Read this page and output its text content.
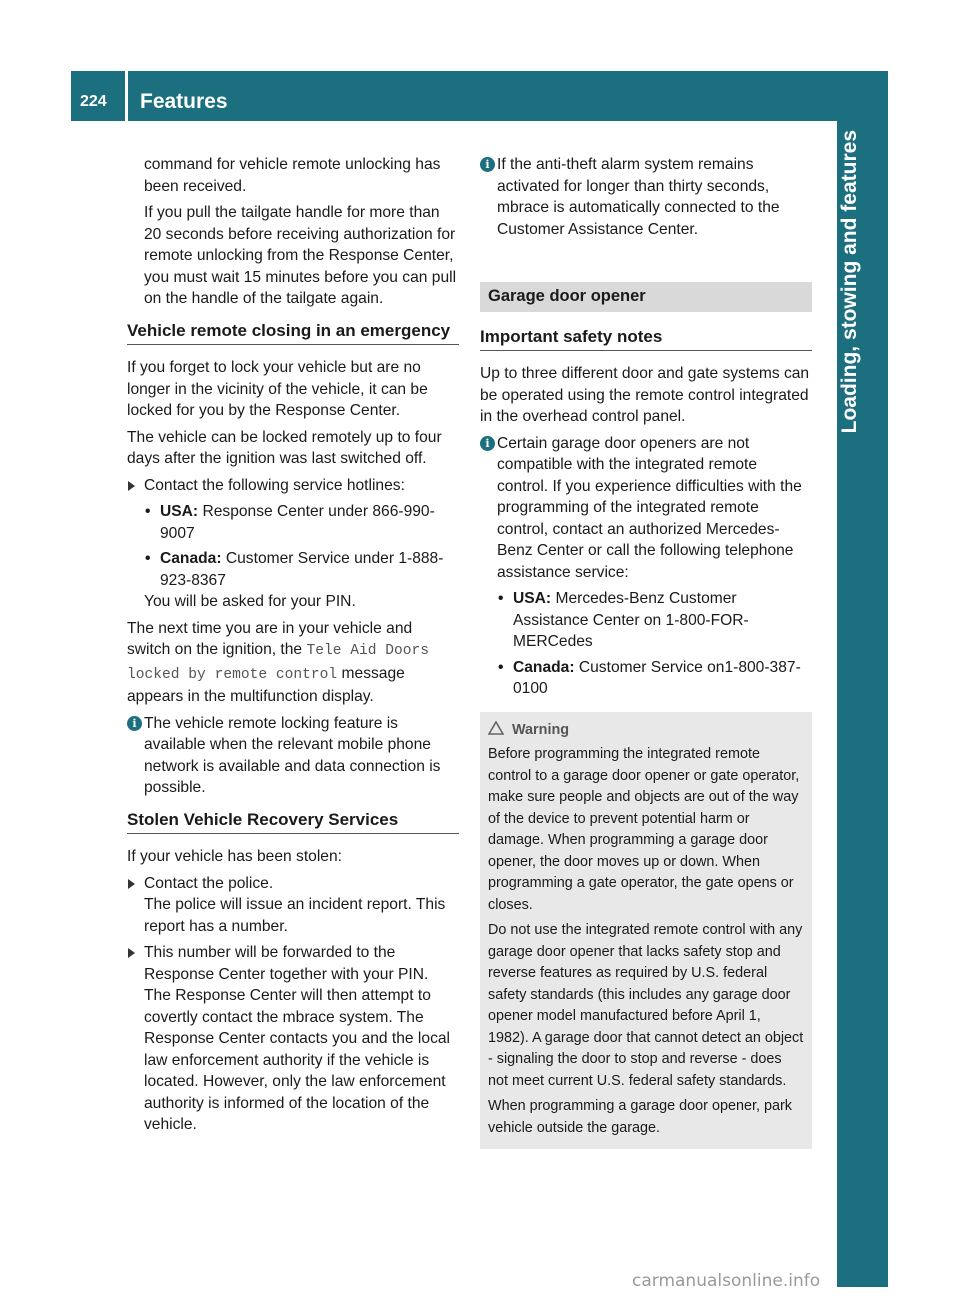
224 Features
Loading, stowing and features

command for vehicle remote unlocking has been received.

If you pull the tailgate handle for more than 20 seconds before receiving authorization for remote unlocking from the Response Center, you must wait 15 minutes before you can pull on the handle of the tailgate again.

Vehicle remote closing in an emergency

If you forget to lock your vehicle but are no longer in the vicinity of the vehicle, it can be locked for you by the Response Center.

The vehicle can be locked remotely up to four days after the ignition was last switched off.

Contact the following service hotlines:
• USA: Response Center under 866-990-9007
• Canada: Customer Service under 1-888-923-8367

You will be asked for your PIN.

The next time you are in your vehicle and switch on the ignition, the Tele Aid Doors locked by remote control message appears in the multifunction display.

i The vehicle remote locking feature is available when the relevant mobile phone network is available and data connection is possible.
Stolen Vehicle Recovery Services

If your vehicle has been stolen:

Contact the police.
The police will issue an incident report. This report has a number.
This number will be forwarded to the Response Center together with your PIN.
The Response Center will then attempt to covertly contact the mbrace system. The Response Center contacts you and the local law enforcement authority if the vehicle is located. However, only the law enforcement authority is informed of the location of the vehicle.
i If the anti-theft alarm system remains activated for longer than thirty seconds, mbrace is automatically connected to the Customer Assistance Center.
Garage door opener
Important safety notes

Up to three different door and gate systems can be operated using the remote control integrated in the overhead control panel.

i Certain garage door openers are not compatible with the integrated remote control. If you experience difficulties with the programming of the integrated remote control, contact an authorized Mercedes-Benz Center or call the following telephone assistance service:
• USA: Mercedes-Benz Customer Assistance Center on 1-800-FOR-MERCedes
• Canada: Customer Service on1-800-387-0100
Warning

Before programming the integrated remote control to a garage door opener or gate operator, make sure people and objects are out of the way of the device to prevent potential harm or damage. When programming a garage door opener, the door moves up or down. When programming a gate operator, the gate opens or closes.

Do not use the integrated remote control with any garage door opener that lacks safety stop and reverse features as required by U.S. federal safety standards (this includes any garage door opener model manufactured before April 1, 1982). A garage door that cannot detect an object - signaling the door to stop and reverse - does not meet current U.S. federal safety standards.

When programming a garage door opener, park vehicle outside the garage.

carmanualsonline.info
